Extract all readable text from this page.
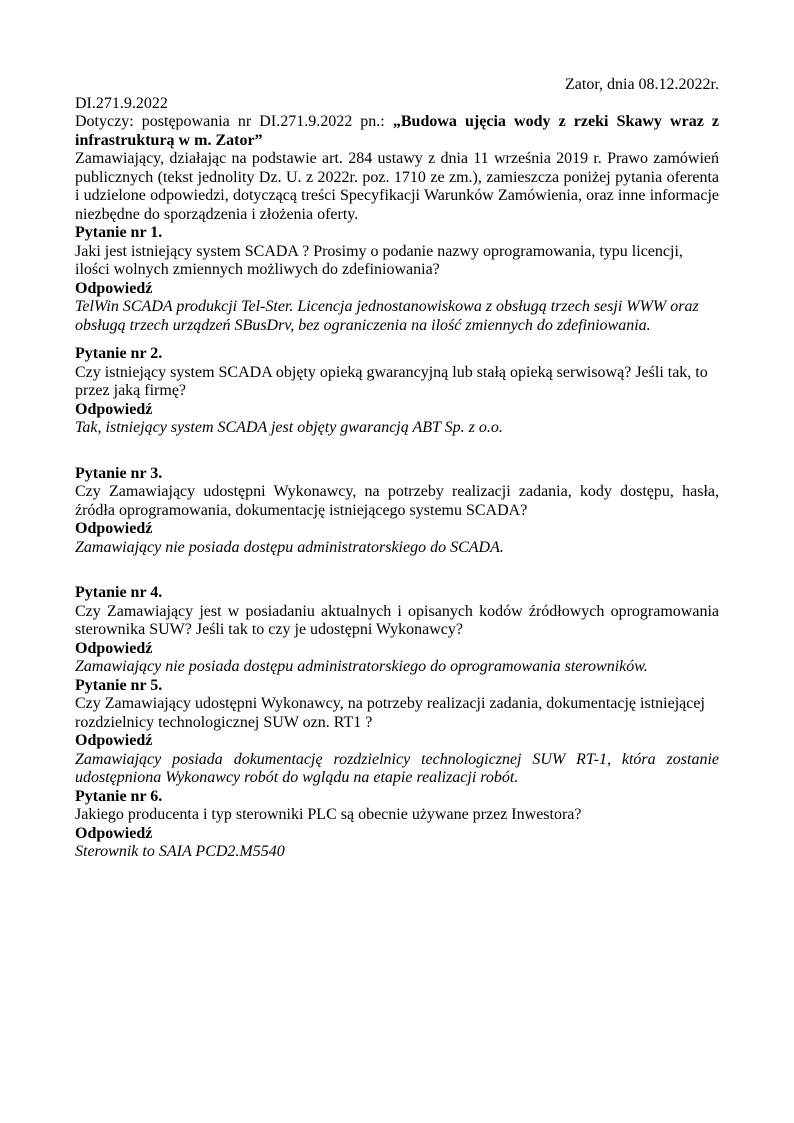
Zator, dnia 08.12.2022r.
DI.271.9.2022

Dotyczy: postępowania nr DI.271.9.2022 pn.: „Budowa ujęcia wody z rzeki Skawy wraz z infrastrukturą w m. Zator”

Zamawiający, działając na podstawie art. 284 ustawy z dnia 11 września 2019 r. Prawo zamówień publicznych (tekst jednolity Dz. U. z 2022r. poz. 1710 ze zm.), zamieszcza poniżej pytania oferenta i udzielone odpowiedzi, dotyczącą treści Specyfikacji Warunków Zamówienia, oraz inne informacje niezbędne do sporządzenia i złożenia oferty.

Pytanie nr 1.
Jaki jest istniejący system SCADA ? Prosimy o podanie nazwy oprogramowania, typu licencji, ilości wolnych zmiennych możliwych do zdefiniowania?
Odpowiedź
TelWin SCADA produkcji Tel-Ster. Licencja jednostanowiskowa z obsługą trzech sesji WWW oraz obsługą trzech urządzeń SBusDrv, bez ograniczenia na ilość zmiennych do zdefiniowania.
Pytanie nr 2.
Czy istniejący system SCADA objęty opieką gwarancyjną lub stałą opieką serwisową? Jeśli tak, to przez jaką firmę?
Odpowiedź
Tak, istniejący system SCADA jest objęty gwarancją ABT Sp. z o.o.
Pytanie nr 3.
Czy Zamawiający udostępni Wykonawcy, na potrzeby realizacji zadania, kody dostępu, hasła, źródła oprogramowania, dokumentację istniejącego systemu SCADA?
Odpowiedź
Zamawiający nie posiada dostępu administratorskiego do SCADA.
Pytanie nr 4.
Czy Zamawiający jest w posiadaniu aktualnych i opisanych kodów źródłowych oprogramowania sterownika SUW? Jeśli tak to czy je udostępni Wykonawcy?
Odpowiedź
Zamawiający nie posiada dostępu administratorskiego do oprogramowania sterowników.
Pytanie nr 5.
Czy Zamawiający udostępni Wykonawcy, na potrzeby realizacji zadania, dokumentację istniejącej rozdzielnicy technologicznej SUW ozn. RT1 ?
Odpowiedź
Zamawiający posiada dokumentację rozdzielnicy technologicznej SUW RT-1, która zostanie udostępniona Wykonawcy robót do wglądu na etapie realizacji robót.
Pytanie nr 6.
Jakiego producenta i typ sterowniki PLC są obecnie używane przez Inwestora?
Odpowiedź
Sterownik to SAIA PCD2.M5540
